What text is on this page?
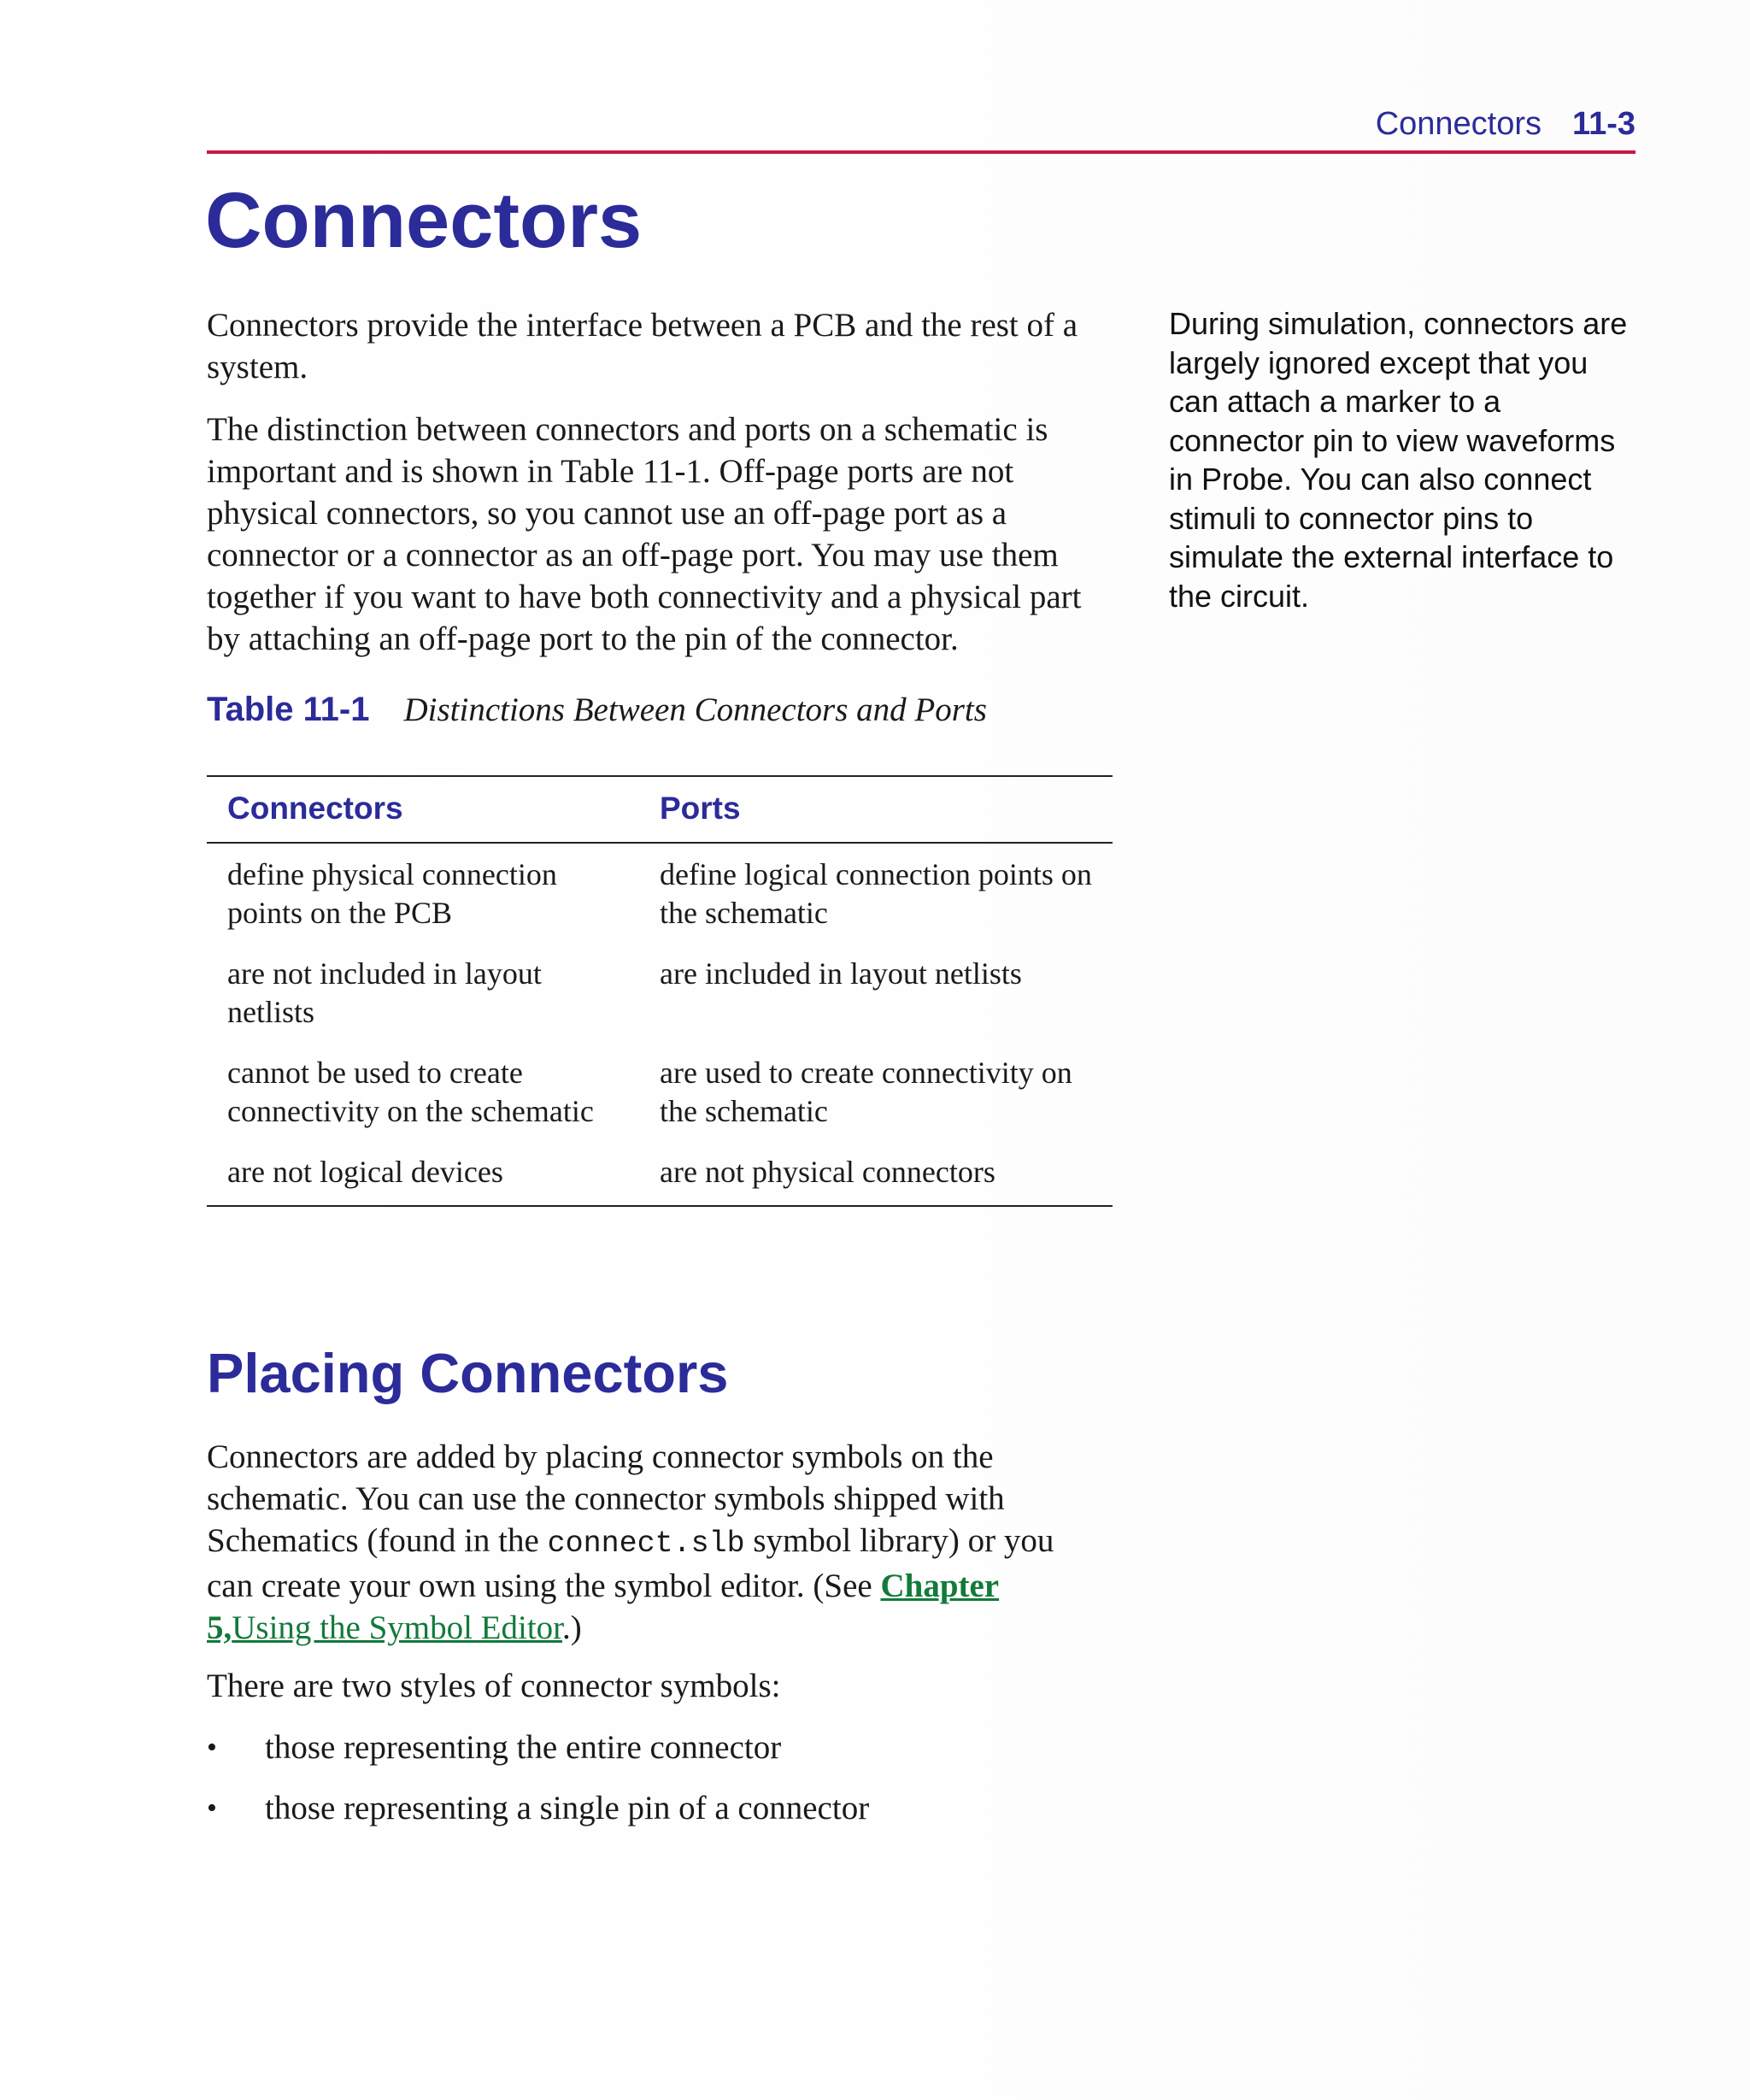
Connectors 11-3
Connectors

Connectors provide the interface between a PCB and the rest of a system.

The distinction between connectors and ports on a schematic is important and is shown in Table 11-1. Off-page ports are not physical connectors, so you cannot use an off-page port as a connector or a connector as an off-page port. You may use them together if you want to have both connectivity and a physical part by attaching an off-page port to the pin of the connector.

During simulation, connectors are largely ignored except that you can attach a marker to a connector pin to view waveforms in Probe. You can also connect stimuli to connector pins to simulate the external interface to the circuit.

Table 11-1 Distinctions Between Connectors and Ports
Connectors	Ports
define physical connection points on the PCB	define logical connection points on the schematic
are not included in layout netlists	are included in layout netlists
cannot be used to create connectivity on the schematic	are used to create connectivity on the schematic
are not logical devices	are not physical connectors
Placing Connectors

Connectors are added by placing connector symbols on the schematic. You can use the connector symbols shipped with Schematics (found in the connect.slb symbol library) or you can create your own using the symbol editor. (See Chapter 5,Using the Symbol Editor.)

There are two styles of connector symbols:

• those representing the entire connector
• those representing a single pin of a connector
